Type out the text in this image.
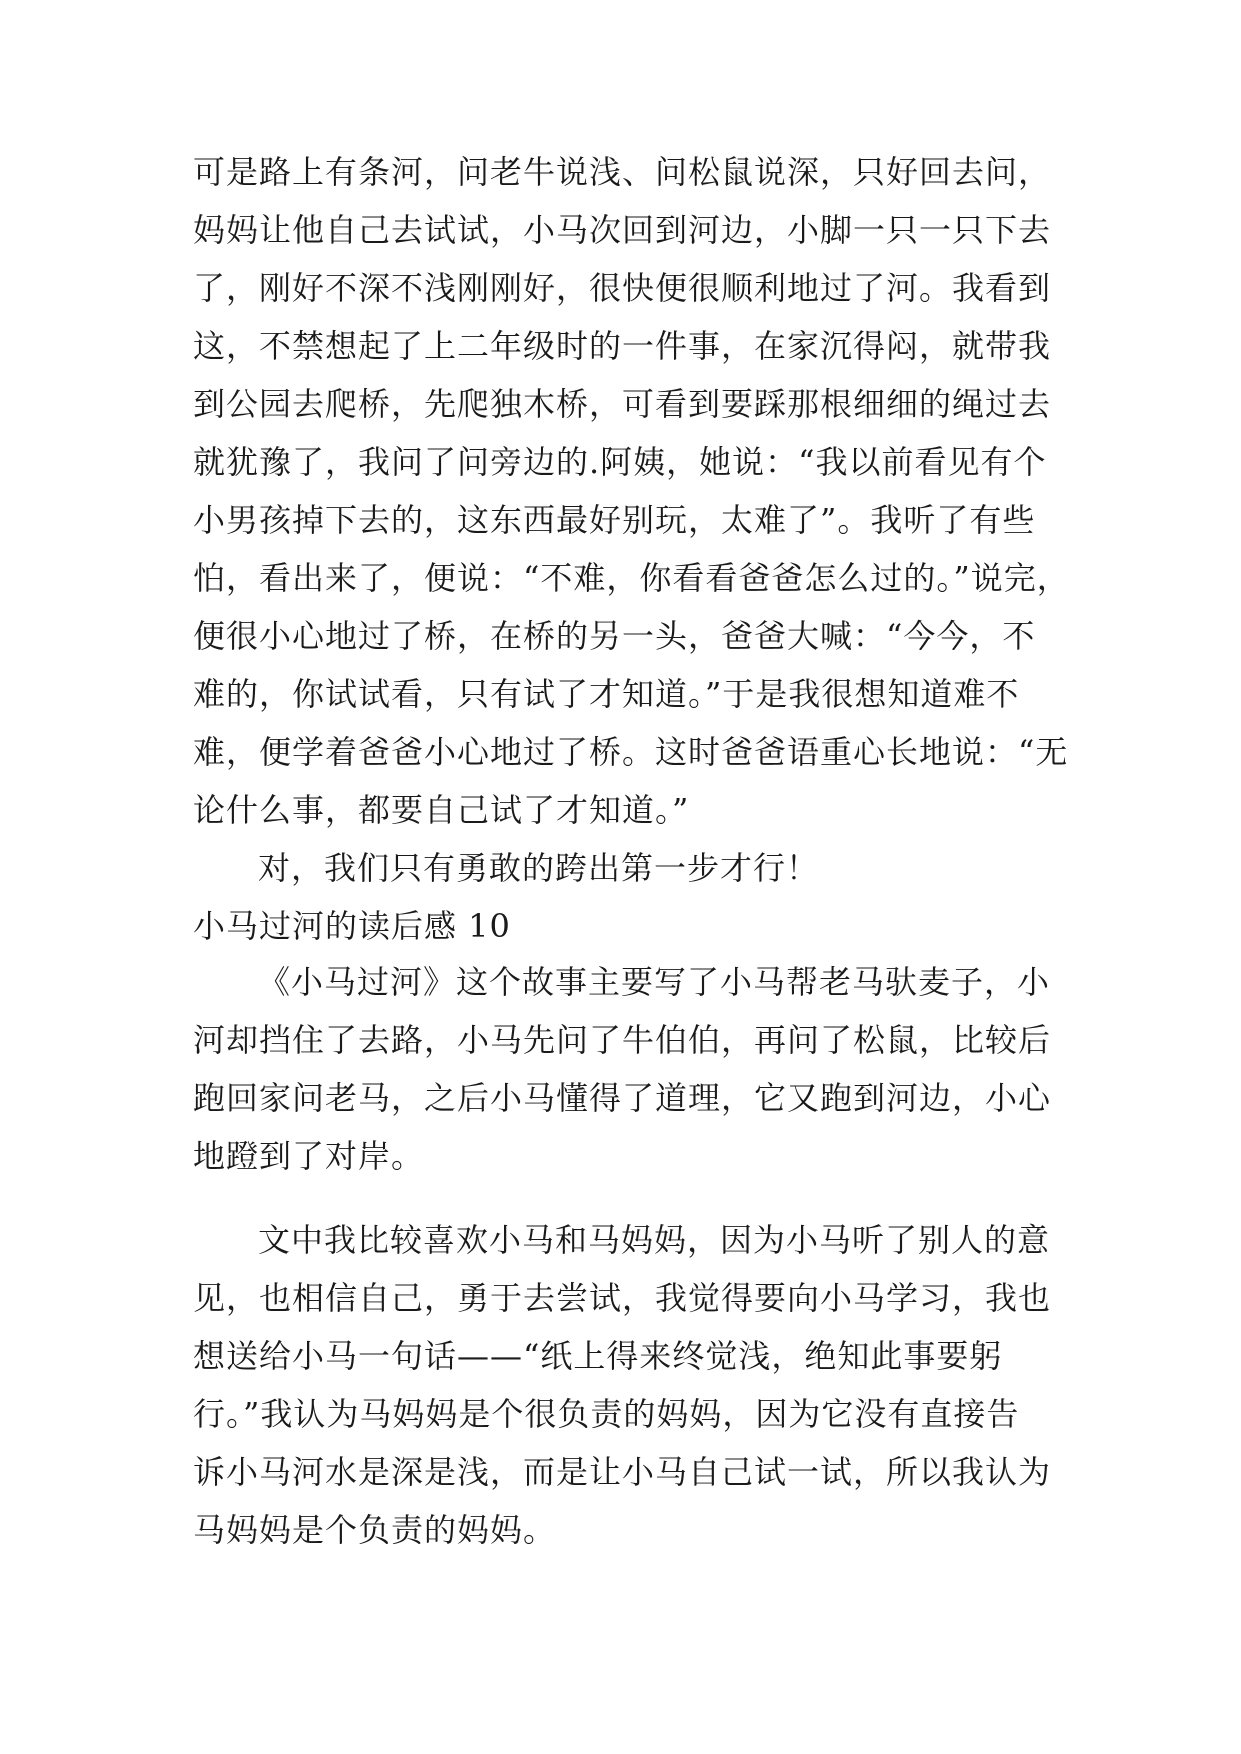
可是路上有条河，问老牛说浅、问松鼠说深，只好回去问，
妈妈让他自己去试试，小马次回到河边，小脚一只一只下去
了，刚好不深不浅刚刚好，很快便很顺利地过了河。我看到
这，不禁想起了上二年级时的一件事，在家沉得闷，就带我
到公园去爬桥，先爬独木桥，可看到要踩那根细细的绳过去
就犹豫了，我问了问旁边的.阿姨，她说：“我以前看见有个
小男孩掉下去的，这东西最好别玩，太难了”。我听了有些
怕，看出来了，便说：“不难，你看看爸爸怎么过的。”说完，
便很小心地过了桥，在桥的另一头，爸爸大喊：“今今，不
难的，你试试看，只有试了才知道。”于是我很想知道难不
难，便学着爸爸小心地过了桥。这时爸爸语重心长地说：“无
论什么事，都要自己试了才知道。”
对，我们只有勇敢的跨出第一步才行！
小马过河的读后感 10
《小马过河》这个故事主要写了小马帮老马驮麦子，小
河却挡住了去路，小马先问了牛伯伯，再问了松鼠，比较后
跑回家问老马，之后小马懂得了道理，它又跑到河边，小心
地蹬到了对岸。
文中我比较喜欢小马和马妈妈，因为小马听了别人的意
见，也相信自己，勇于去尝试，我觉得要向小马学习，我也
想送给小马一句话——“纸上得来终觉浅，绝知此事要躬
行。”我认为马妈妈是个很负责的妈妈，因为它没有直接告
诉小马河水是深是浅，而是让小马自己试一试，所以我认为
马妈妈是个负责的妈妈。
